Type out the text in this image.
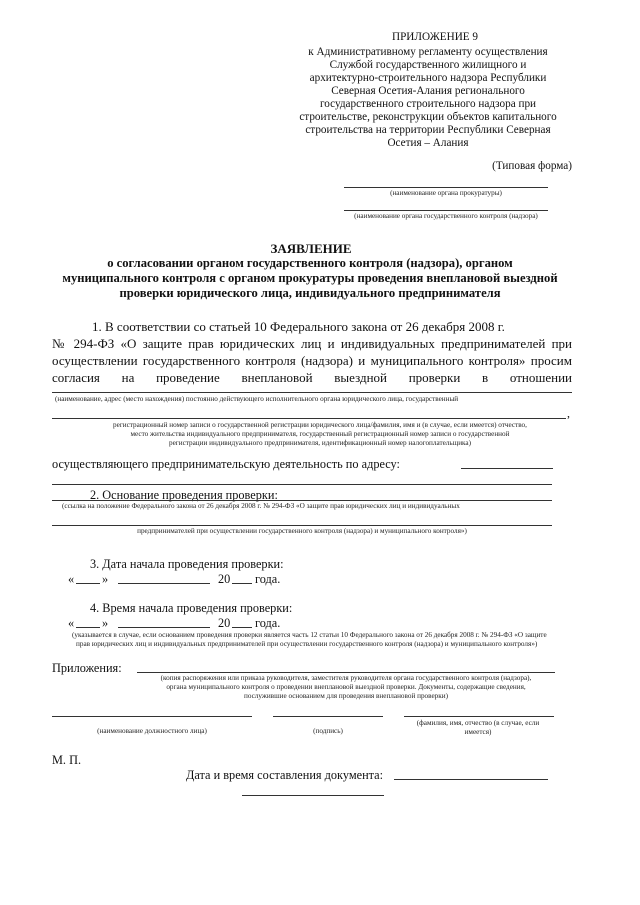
ПРИЛОЖЕНИЕ 9
к Административному регламенту осуществления
Службой государственного жилищного и
архитектурно-строительного надзора Республики
Северная Осетия-Алания регионального
государственного строительного надзора при
строительстве, реконструкции объектов капитального
строительства на территории Республики Северная
Осетия – Алания
(Типовая форма)
(наименование органа прокуратуры)
(наименование органа государственного контроля (надзора)
ЗАЯВЛЕНИЕ
о согласовании органом государственного контроля (надзора), органом
муниципального контроля с органом прокуратуры проведения внеплановой выездной
проверки юридического лица, индивидуального предпринимателя
1. В соответствии со статьей 10 Федерального закона от 26 декабря 2008 г.
№ 294-ФЗ «О защите прав юридических лиц и индивидуальных предпринимателей при
осуществлении государственного контроля (надзора) и муниципального контроля» просим
согласия на проведение внеплановой выездной проверки в отношении
(наименование, адрес (место нахождения) постоянно действующего исполнительного органа юридического лица, государственный
,
регистрационный номер записи о государственной регистрации юридического лица/фамилия, имя и (в случае, если имеется) отчество,
место жительства индивидуального предпринимателя, государственный регистрационный номер записи о государственной
регистрации индивидуального предпринимателя, идентификационный номер налогоплательщика)
осуществляющего предпринимательскую деятельность по адресу:
2. Основание проведения проверки:
(ссылка на положение Федерального закона от 26 декабря 2008 г. № 294-ФЗ «О защите прав юридических лиц и индивидуальных
предпринимателей при осуществлении государственного контроля (надзора) и муниципального контроля»)
3. Дата начала проведения проверки:
« »	20 года.
4. Время начала проведения проверки:
« »	20 года.
(указывается в случае, если основанием проведения проверки является часть 12 статьи 10 Федерального закона от 26 декабря 2008 г. № 294-ФЗ «О защите
прав юридических лиц и индивидуальных предпринимателей при осуществлении государственного контроля (надзора) и муниципального контроля»)
Приложения:
(копия распоряжения или приказа руководителя, заместителя руководителя органа государственного контроля (надзора),
органа муниципального контроля о проведении внеплановой выездной проверки. Документы, содержащие сведения,
послужившие основанием для проведения внеплановой проверки)
(наименование должностного лица)	(подпись)
(фамилия, имя, отчество (в случае, если имеется)
М. П.
Дата и время составления документа:
